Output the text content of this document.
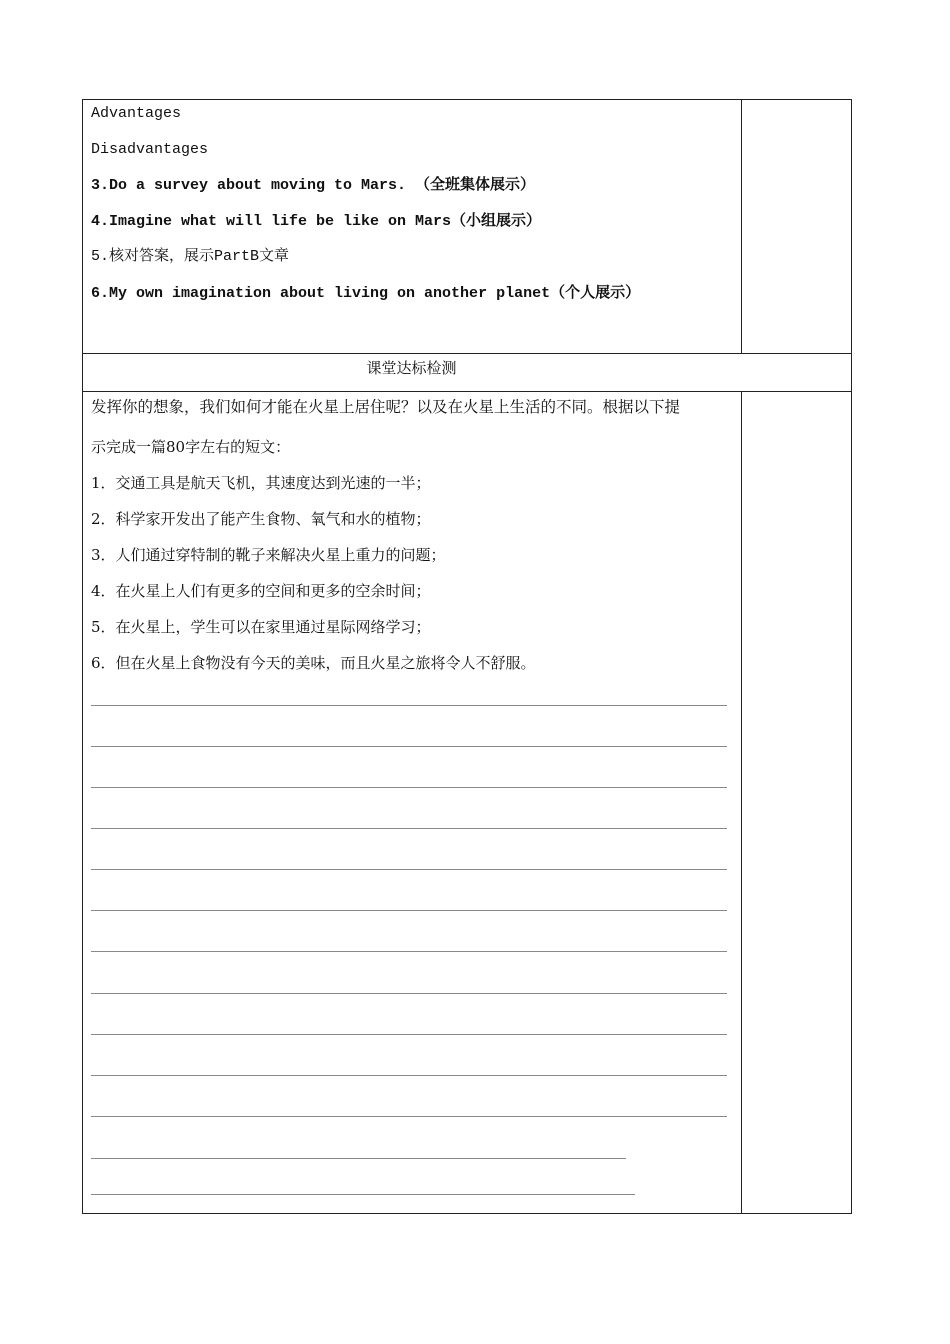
Advantages
Disadvantages
3.Do a survey about moving to Mars. （全班集体展示）
4.Imagine what will life be like on Mars（小组展示）
5.核对答案，展示PartB文章
6.My own imagination about living on another planet（个人展示）
课堂达标检测
发挥你的想象，我们如何才能在火星上居住呢？以及在火星上生活的不同。根据以下提
示完成一篇80字左右的短文：
1．交通工具是航天飞机，其速度达到光速的一半；
2．科学家开发出了能产生食物、氧气和水的植物；
3．人们通过穿特制的靴子来解决火星上重力的问题；
4．在火星上人们有更多的空间和更多的空余时间；
5．在火星上，学生可以在家里通过星际网络学习；
6．但在火星上食物没有今天的美味，而且火星之旅将令人不舒服。
